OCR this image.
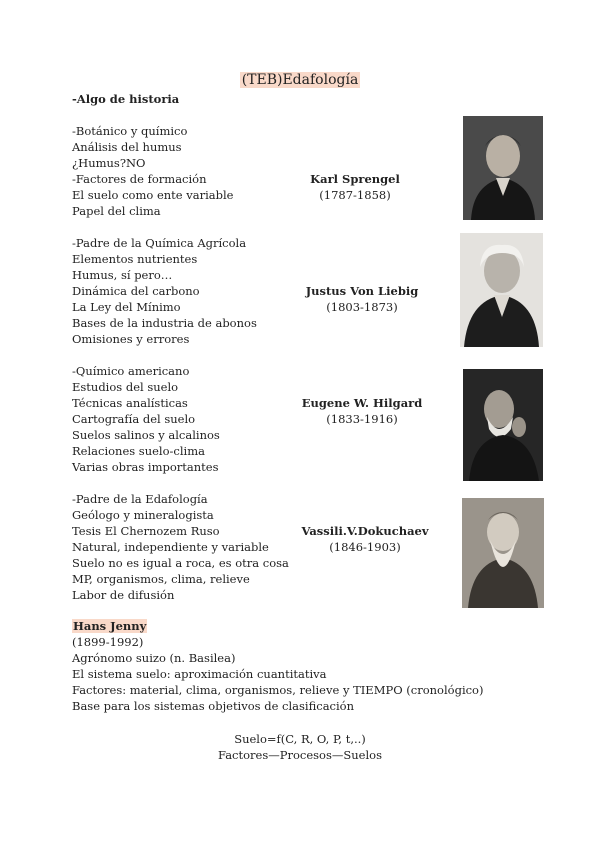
(TEB)Edafología
-Algo de historia
-Botánico y químico
Análisis del humus
¿Humus?NO
-Factores de formación
El suelo como ente variable
Papel del clima
Karl Sprengel
(1787-1858)
-Padre de la Química Agrícola
Elementos nutrientes
Humus, sí pero…
Dinámica del carbono
La Ley del Mínimo
Bases de la industria de abonos
Omisiones y errores
Justus Von Liebig
(1803-1873)
-Químico americano
Estudios del suelo
Técnicas analísticas
Cartografía del suelo
Suelos salinos y alcalinos
Relaciones suelo-clima
Varias obras importantes
Eugene W. Hilgard
(1833-1916)
-Padre de la Edafología
Geólogo y mineralogista
Tesis El Chernozem Ruso
Natural, independiente y variable
Suelo no es igual a roca, es otra cosa
MP, organismos, clima, relieve
Labor de difusión
Vassili.V.Dokuchaev
(1846-1903)
Hans Jenny
(1899-1992)
Agrónomo suizo (n. Basilea)
El sistema suelo: aproximación cuantitativa
Factores: material, clima, organismos, relieve y TIEMPO (cronológico)
Base para los sistemas objetivos de clasificación
Suelo=f(C, R, O, P, t,..)
Factores—Procesos—Suelos
